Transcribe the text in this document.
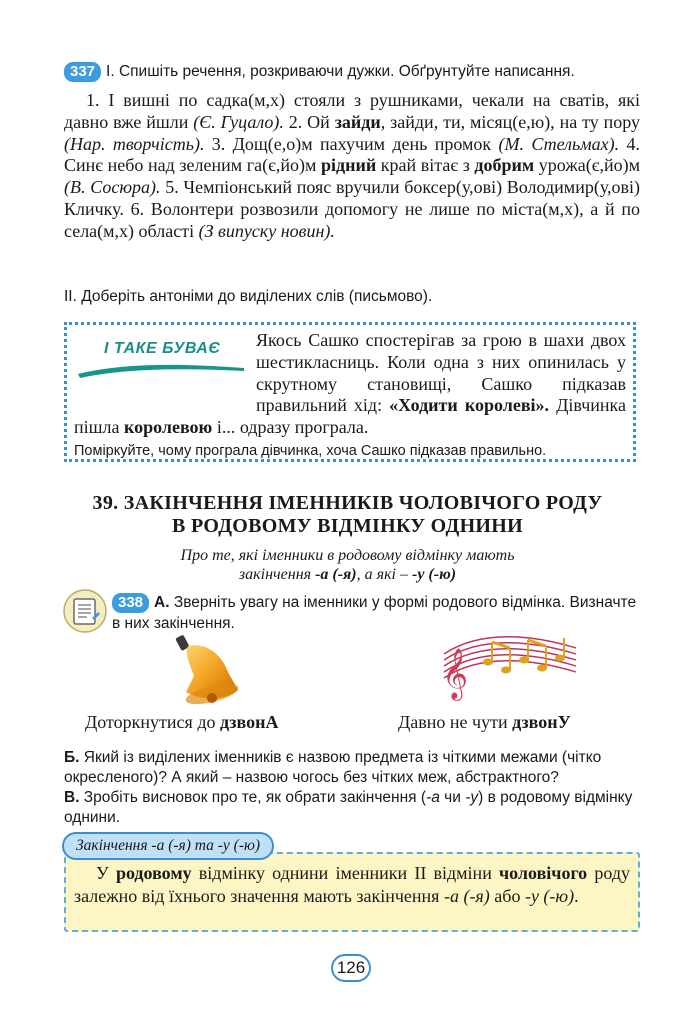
337 І. Спишіть речення, розкриваючи дужки. Обґрунтуйте написання.
1. І вишні по садка(м,х) стояли з рушниками, чекали на сватів, які давно вже йшли (Є. Гуцало). 2. Ой зайди, зайди, ти, місяц(е,ю), на ту пору (Нар. творчість). 3. Дощ(е,о)м пахучим день промок (М. Стельмах). 4. Синє небо над зеленим га(є,йо)м рідний край вітає з добрим урожа(є,йо)м (В. Сосюра). 5. Чемпіонський пояс вручили боксер(у,ові) Володимир(у,ові) Кличку. 6. Волонтери розвозили допомогу не лише по міста(м,х), а й по села(м,х) області (З випуску новин).
ІІ. Доберіть антоніми до виділених слів (письмово).
Якось Сашко спостерігав за грою в шахи двох шестикласниць. Коли одна з них опинилась у скрутному становищі, Сашко підказав правильний хід: «Ходити королеві». Дівчинка пішла королевою і... одразу програла.
І ТАКЕ БУВАЄ
Поміркуйте, чому програла дівчинка, хоча Сашко підказав правильно.
39. ЗАКІНЧЕННЯ ІМЕННИКІВ ЧОЛОВІЧОГО РОДУ
В РОДОВОМУ ВІДМІНКУ ОДНИНИ
Про те, які іменники в родовому відмінку мають
закінчення -а (-я), а які – -у (-ю)
338 А. Зверніть увагу на іменники у формі родового відмінка. Визначте в них закінчення.
𝄞
Доторкнутися до дзвонА	Давно не чути дзвонУ
Б. Який із виділених іменників є назвою предмета із чіткими межами (чітко окресленого)? А який – назвою чогось без чітких меж, абстрактного?
В. Зробіть висновок про те, як обрати закінчення (-а чи -у) в родовому відмінку однини.
Закінчення -а (-я) та -у (-ю)
У родовому відмінку однини іменники ІІ відміни чоловічого роду залежно від їхнього значення мають закінчення -а (-я) або -у (-ю).
126
